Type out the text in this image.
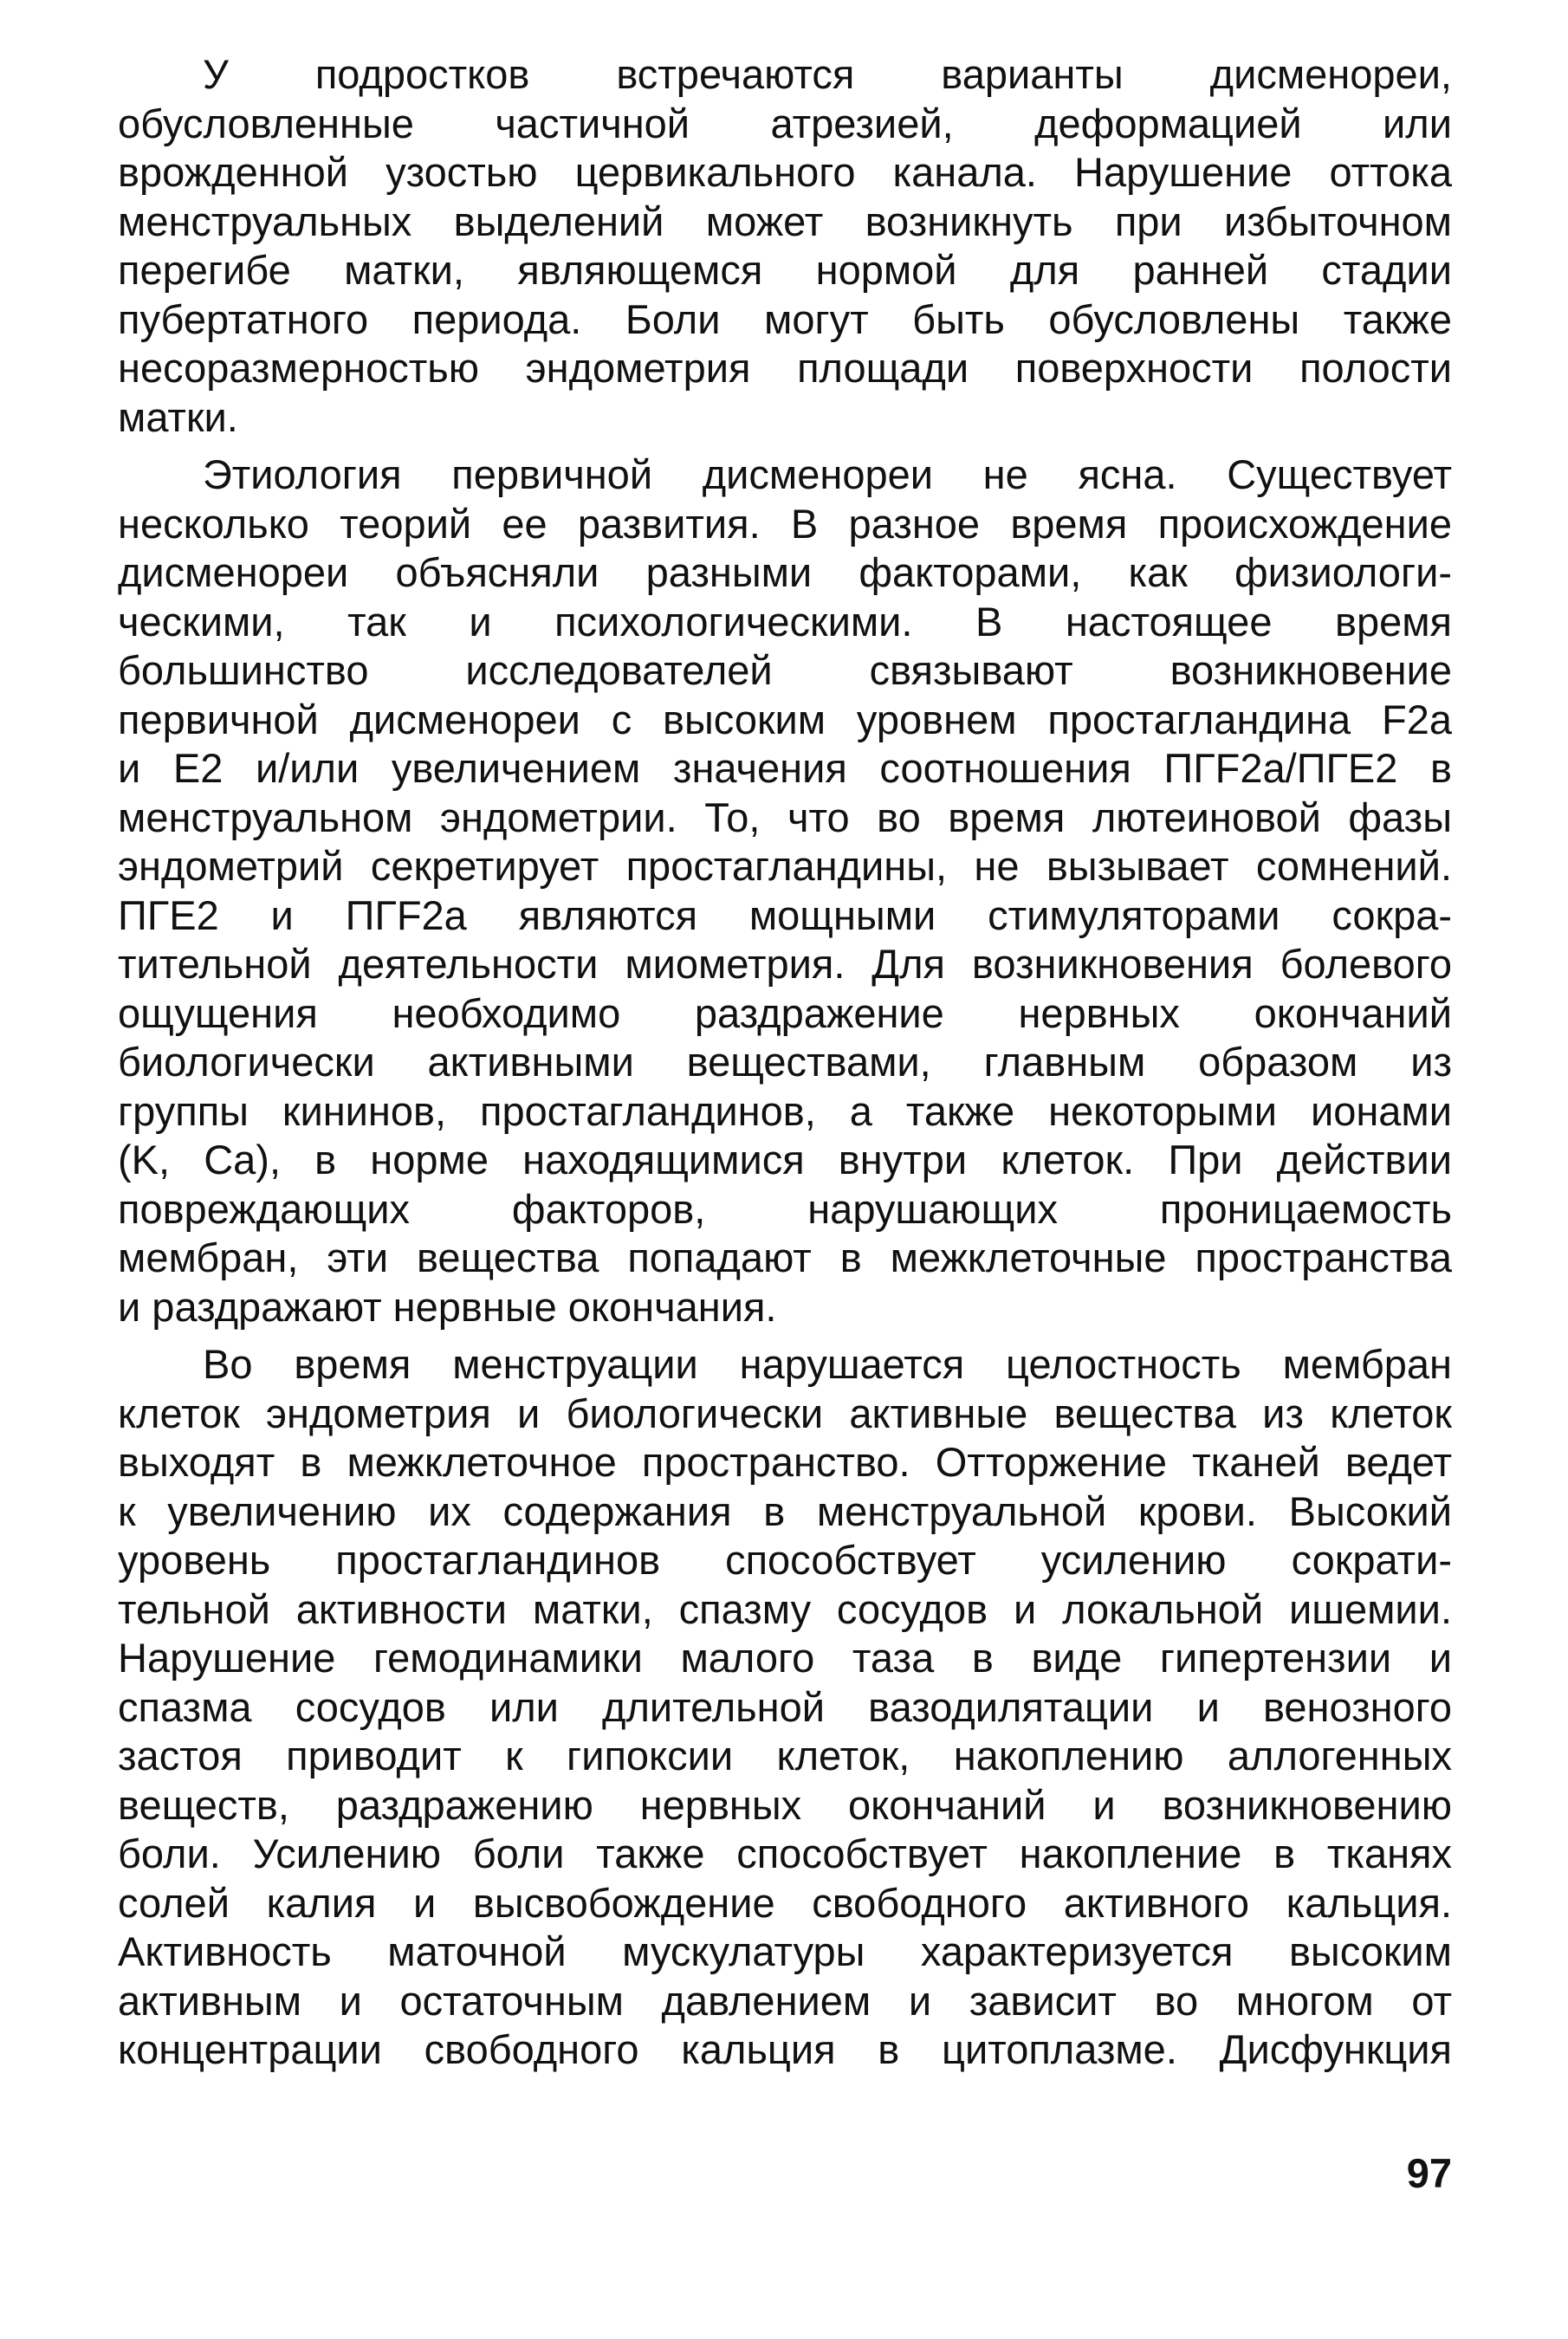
У подростков встречаются варианты дисменореи,
обусловленные частичной атрезией, деформацией или
врожденной узостью цервикального канала. Нарушение оттока
менструальных выделений может возникнуть при избыточном
перегибе матки, являющемся нормой для ранней стадии
пубертатного периода. Боли могут быть обусловлены также
несоразмерностью эндометрия площади поверхности полости
матки.
Этиология первичной дисменореи не ясна. Существует
несколько теорий ее развития. В разное время происхождение
дисменореи объясняли разными факторами, как физиологи-
ческими, так и психологическими. В настоящее время
большинство исследователей связывают возникновение
первичной дисменореи с высоким уровнем простагландина F2a
и E2 и/или увеличением значения соотношения ПГF2a/ПГЕ2 в
менструальном эндометрии. То, что во время лютеиновой фазы
эндометрий секретирует простагландины, не вызывает сомнений.
ПГЕ2 и ПГF2a являются мощными стимуляторами сокра-
тительной деятельности миометрия. Для возникновения болевого
ощущения необходимо раздражение нервных окончаний
биологически активными веществами, главным образом из
группы кининов, простагландинов, а также некоторыми ионами
(K, Ca), в норме находящимися внутри клеток. При действии
повреждающих факторов, нарушающих проницаемость
мембран, эти вещества попадают в межклеточные пространства
и раздражают нервные окончания.
Во время менструации нарушается целостность мембран
клеток эндометрия и биологически активные вещества из клеток
выходят в межклеточное пространство. Отторжение тканей ведет
к увеличению их содержания в менструальной крови. Высокий
уровень простагландинов способствует усилению сократи-
тельной активности матки, спазму сосудов и локальной ишемии.
Нарушение гемодинамики малого таза в виде гипертензии и
спазма сосудов или длительной вазодилятации и венозного
застоя приводит к гипоксии клеток, накоплению аллогенных
веществ, раздражению нервных окончаний и возникновению
боли. Усилению боли также способствует накопление в тканях
солей калия и высвобождение свободного активного кальция.
Активность маточной мускулатуры характеризуется высоким
активным и остаточным давлением и зависит во многом от
концентрации свободного кальция в цитоплазме. Дисфункция
97
